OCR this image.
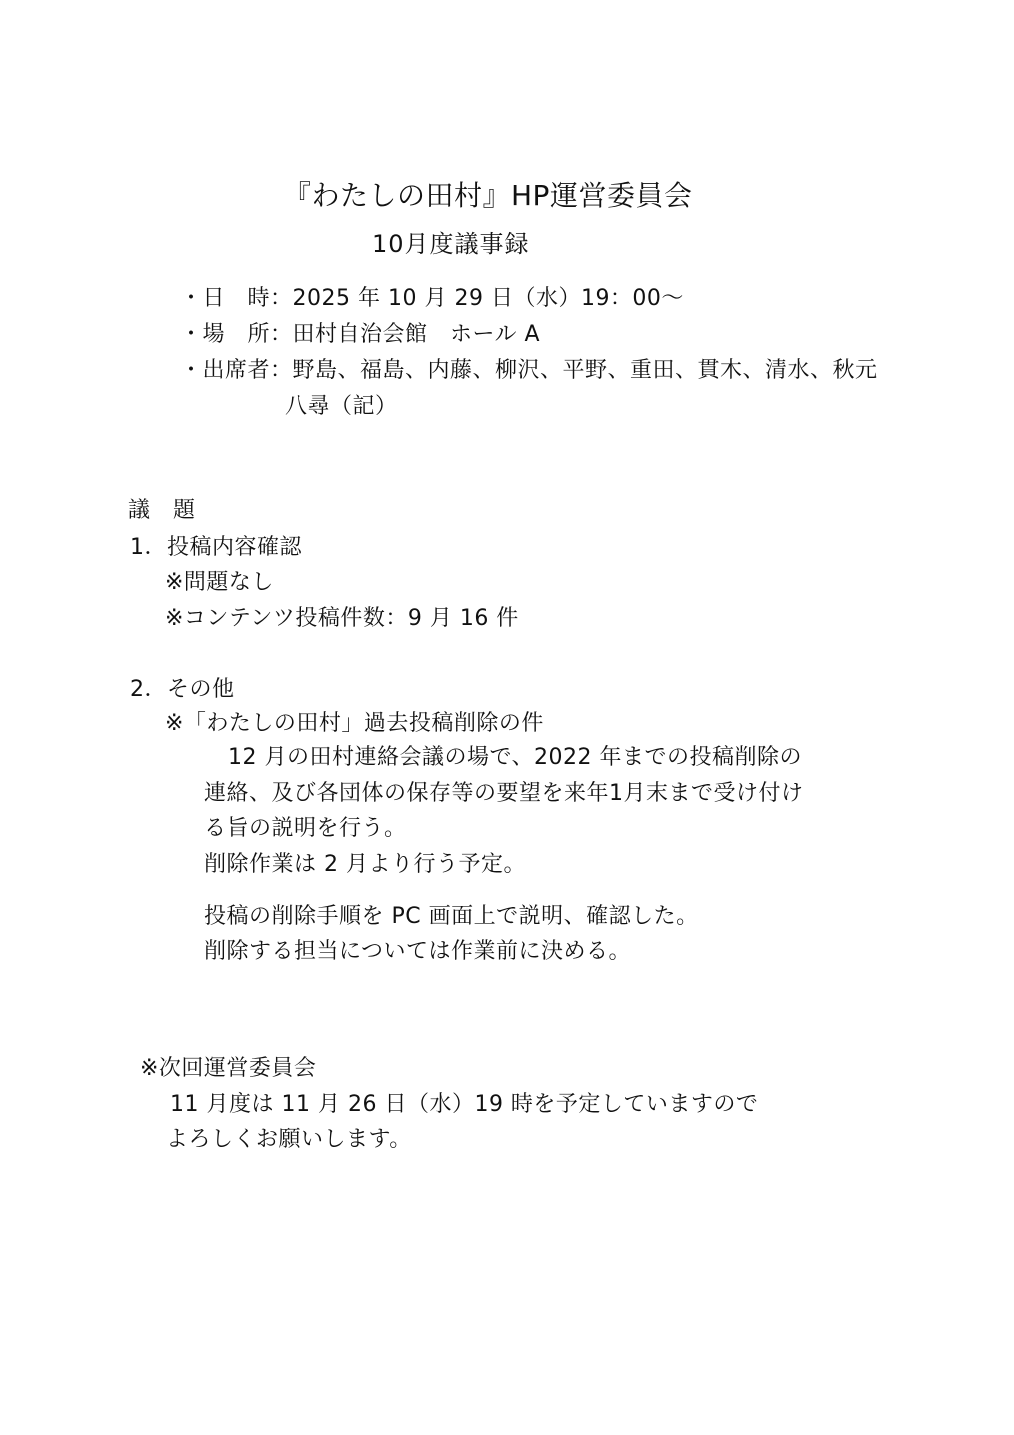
『わたしの田村』HP運営委員会
10月度議事録
・日　時：2025 年 10 月 29 日（水）19：00～
・場　所：田村自治会館　ホール A
・出席者：野島、福島、内藤、柳沢、平野、重田、貫木、清水、秋元
八尋（記）
議　題
1．投稿内容確認
※問題なし
※コンテンツ投稿件数：9 月 16 件
2．その他
※「わたしの田村」過去投稿削除の件
12 月の田村連絡会議の場で、2022 年までの投稿削除の
連絡、及び各団体の保存等の要望を来年1月末まで受け付け
る旨の説明を行う。
削除作業は 2 月より行う予定。
投稿の削除手順を PC 画面上で説明、確認した。
削除する担当については作業前に決める。
※次回運営委員会
11 月度は 11 月 26 日（水）19 時を予定していますので
よろしくお願いします。
